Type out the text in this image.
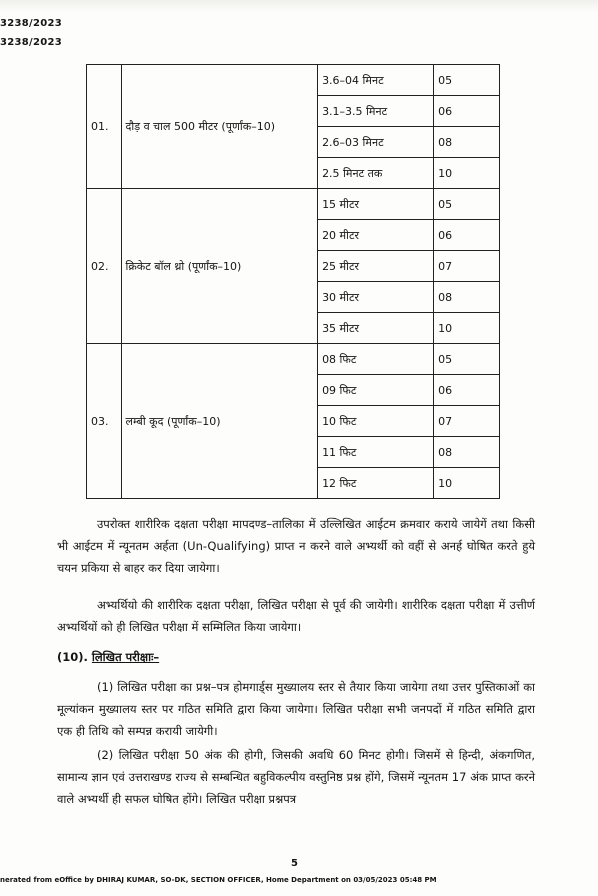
3238/2023
3238/2023
01.	दौड़ व चाल 500 मीटर (पूर्णांक–10)	3.6–04 मिनट	05
		3.1–3.5 मिनट	06
		2.6–03 मिनट	08
		2.5 मिनट तक	10
02.	क्रिकेट बॉल थ्रो (पूर्णांक–10)	15 मीटर	05
		20 मीटर	06
		25 मीटर	07
		30 मीटर	08
		35 मीटर	10
03.	लम्बी कूद (पूर्णांक–10)	08 फिट	05
		09 फिट	06
		10 फिट	07
		11 फिट	08
		12 फिट	10
उपरोक्त शारीरिक दक्षता परीक्षा मापदण्ड–तालिका में उल्लिखित आईटम क्रमवार कराये जायेगें तथा किसी भी आईटम में न्यूनतम अर्हता (Un-Qualifying) प्राप्त न करने वाले अभ्यर्थी को वहीं से अनर्ह घोषित करते हुये चयन प्रकिया से बाहर कर दिया जायेगा।
अभ्यर्थियो की शारीरिक दक्षता परीक्षा, लिखित परीक्षा से पूर्व की जायेगी। शारीरिक दक्षता परीक्षा में उत्तीर्ण अभ्यर्थियों को ही लिखित परीक्षा में सम्मिलित किया जायेगा।
(10). लिखित परीक्षाः–
(1) लिखित परीक्षा का प्रश्न–पत्र होमगार्ड्स मुख्यालय स्तर से तैयार किया जायेगा तथा उत्तर पुस्तिकाओं का मूल्यांकन मुख्यालय स्तर पर गठित समिति द्वारा किया जायेगा। लिखित परीक्षा सभी जनपदों में गठित समिति द्वारा एक ही तिथि को सम्पन्न करायी जायेगी।
(2) लिखित परीक्षा 50 अंक की होगी, जिसकी अवधि 60 मिनट होगी। जिसमें से हिन्दी, अंकगणित, सामान्य ज्ञान एवं उत्तराखण्ड राज्य से सम्बन्धित बहुविकल्पीय वस्तुनिष्ठ प्रश्न होंगे, जिसमें न्यूनतम 17 अंक प्राप्त करने वाले अभ्यर्थी ही सफल घोषित होंगे। लिखित परीक्षा प्रश्नपत्र
5
nerated from eOffice by DHIRAJ KUMAR, SO-DK, SECTION OFFICER, Home Department on 03/05/2023 05:48 PM
